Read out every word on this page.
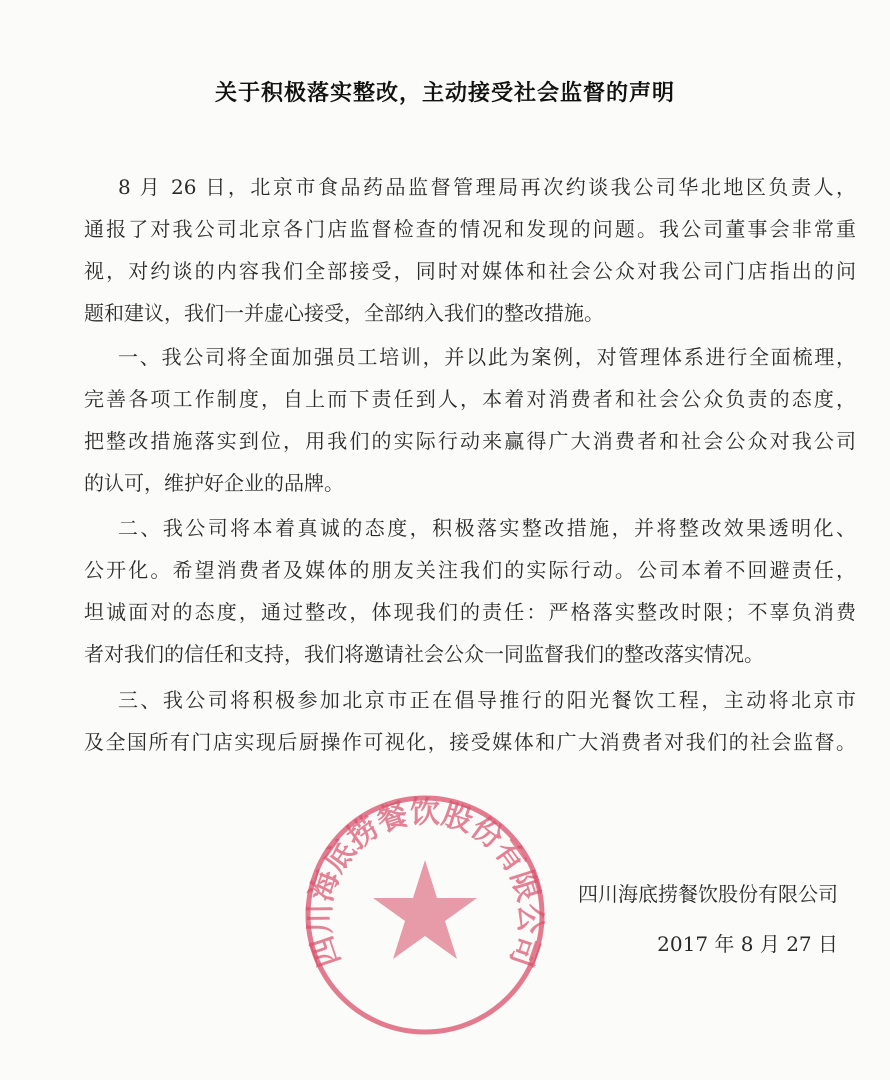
关于积极落实整改，主动接受社会监督的声明
8 月 26 日，北京市食品药品监督管理局再次约谈我公司华北地区负责人，
通报了对我公司北京各门店监督检查的情况和发现的问题。我公司董事会非常重
视，对约谈的内容我们全部接受，同时对媒体和社会公众对我公司门店指出的问
题和建议，我们一并虚心接受，全部纳入我们的整改措施。
一、我公司将全面加强员工培训，并以此为案例，对管理体系进行全面梳理，
完善各项工作制度，自上而下责任到人，本着对消费者和社会公众负责的态度，
把整改措施落实到位，用我们的实际行动来赢得广大消费者和社会公众对我公司
的认可，维护好企业的品牌。
二、我公司将本着真诚的态度，积极落实整改措施，并将整改效果透明化、
公开化。希望消费者及媒体的朋友关注我们的实际行动。公司本着不回避责任，
坦诚面对的态度，通过整改，体现我们的责任：严格落实整改时限；不辜负消费
者对我们的信任和支持，我们将邀请社会公众一同监督我们的整改落实情况。
三、我公司将积极参加北京市正在倡导推行的阳光餐饮工程，主动将北京市
及全国所有门店实现后厨操作可视化，接受媒体和广大消费者对我们的社会监督。
四川海底捞餐饮股份有限公司
四川海底捞餐饮股份有限公司
2017 年 8 月 27 日
